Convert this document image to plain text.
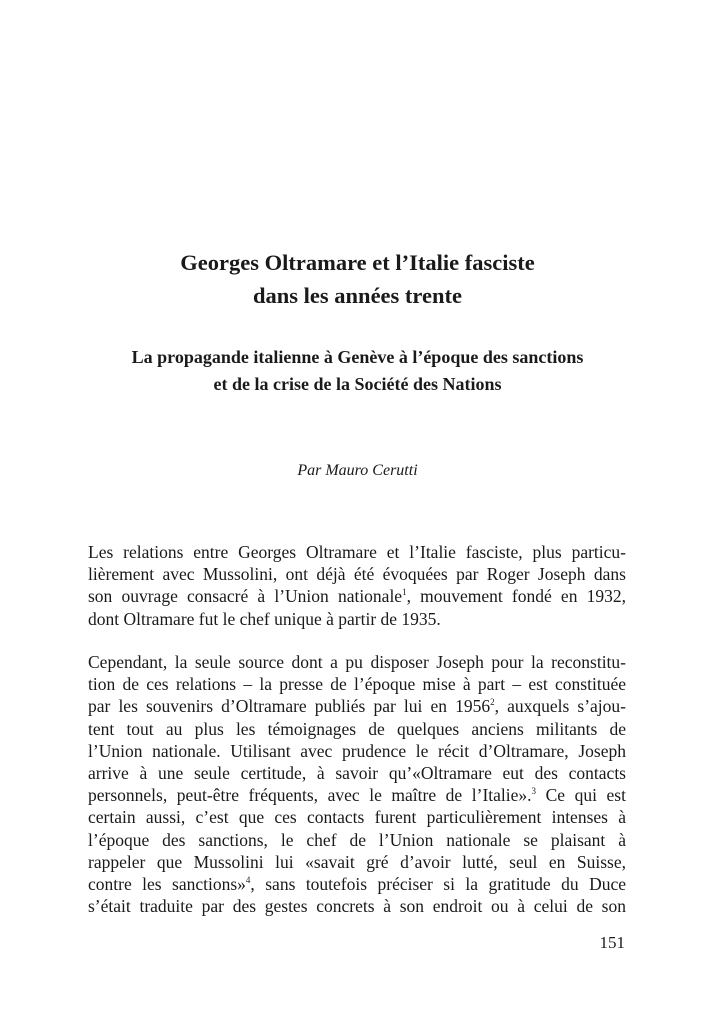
Georges Oltramare et l’Italie fasciste
dans les années trente
La propagande italienne à Genève à l’époque des sanctions
et de la crise de la Société des Nations
Par Mauro Cerutti
Les relations entre Georges Oltramare et l’Italie fasciste, plus particu-
lièrement avec Mussolini, ont déjà été évoquées par Roger Joseph dans
son ouvrage consacré à l’Union nationale$^1$, mouvement fondé en 1932,
dont Oltramare fut le chef unique à partir de 1935.
Cependant, la seule source dont a pu disposer Joseph pour la reconstitu-
tion de ces relations – la presse de l’époque mise à part – est constituée
par les souvenirs d’Oltramare publiés par lui en 1956$^2$, auxquels s’ajou-
tent tout au plus les témoignages de quelques anciens militants de
l’Union nationale. Utilisant avec prudence le récit d’Oltramare, Joseph
arrive à une seule certitude, à savoir qu’«Oltramare eut des contacts
personnels, peut-être fréquents, avec le maître de l’Italie».$^3$ Ce qui est
certain aussi, c’est que ces contacts furent particulièrement intenses à
l’époque des sanctions, le chef de l’Union nationale se plaisant à
rappeler que Mussolini lui «savait gré d’avoir lutté, seul en Suisse,
contre les sanctions»$^4$, sans toutefois préciser si la gratitude du Duce
s’était traduite par des gestes concrets à son endroit ou à celui de son
151
